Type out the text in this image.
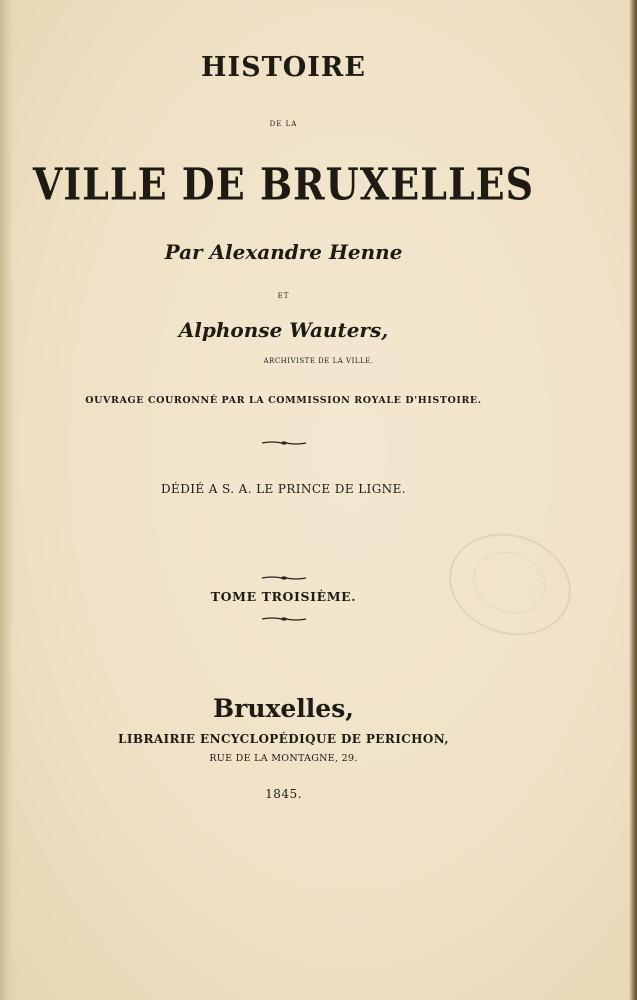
HISTOIRE
DE LA
VILLE DE BRUXELLES
Par Alexandre Henne
ET
Alphonse Wauters,
ARCHIVISTE DE LA VILLE.
OUVRAGE COURONNÉ PAR LA COMMISSION ROYALE D'HISTOIRE.
DÉDIÉ A S. A. LE PRINCE DE LIGNE.
TOME TROISIÈME.
Bruxelles,
LIBRAIRIE ENCYCLOPÉDIQUE DE PERICHON,
RUE DE LA MONTAGNE, 29.
1845.
